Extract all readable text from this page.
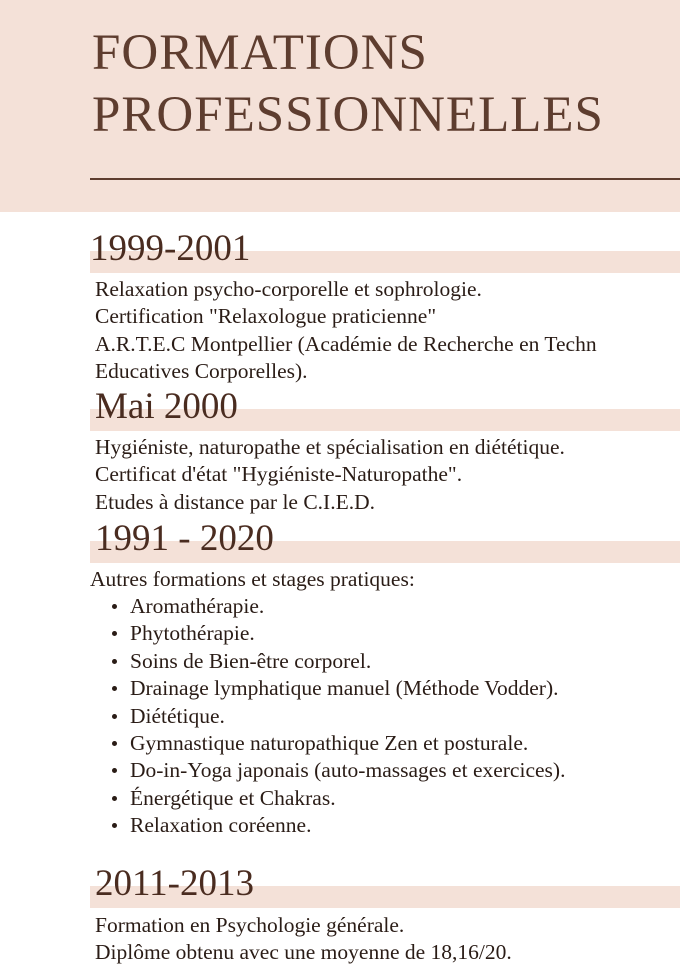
FORMATIONS
PROFESSIONNELLES
1999-2001
Relaxation psycho-corporelle et sophrologie.
Certification "Relaxologue praticienne"
A.R.T.E.C Montpellier (Académie de Recherche en Techn
Educatives Corporelles).
Mai 2000
Hygiéniste, naturopathe et spécialisation en diététique.
Certificat d'état "Hygiéniste-Naturopathe".
Etudes à distance par le C.I.E.D.
1991 - 2020
Autres formations et stages pratiques:
Aromathérapie.
Phytothérapie.
Soins de Bien-être corporel.
Drainage lymphatique manuel (Méthode Vodder).
Diététique.
Gymnastique naturopathique Zen et posturale.
Do-in-Yoga japonais (auto-massages et exercices).
Énergétique et Chakras.
Relaxation coréenne.
2011-2013
Formation en Psychologie générale.
Diplôme obtenu avec une moyenne de 18,16/20.
